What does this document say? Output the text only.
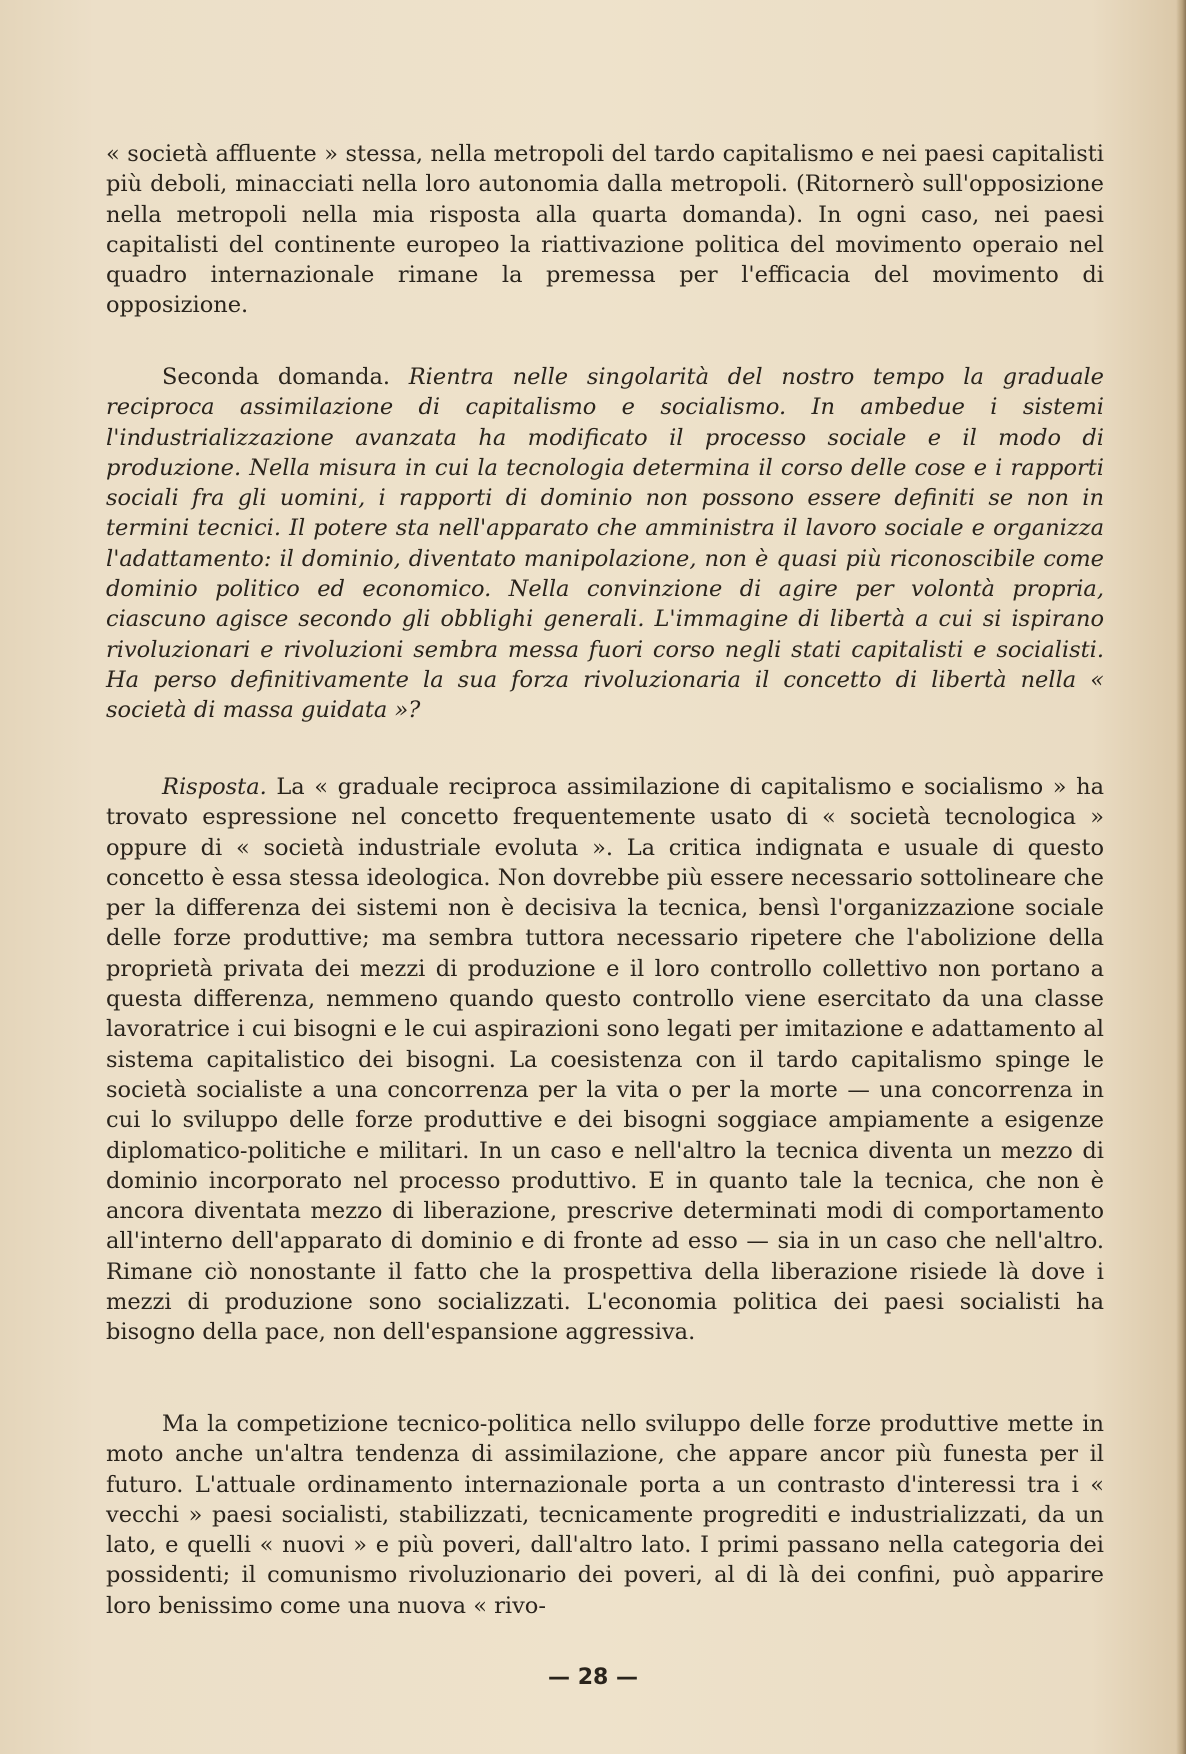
« società affluente » stessa, nella metropoli del tardo capitalismo e nei paesi capitalisti più deboli, minacciati nella loro autonomia dalla metropoli. (Ritornerò sull'opposizione nella metropoli nella mia risposta alla quarta domanda). In ogni caso, nei paesi capitalisti del continente europeo la riattivazione politica del movimento operaio nel quadro internazionale rimane la premessa per l'efficacia del movimento di opposizione.

Seconda domanda. Rientra nelle singolarità del nostro tempo la graduale reciproca assimilazione di capitalismo e socialismo. In ambedue i sistemi l'industrializzazione avanzata ha modificato il processo sociale e il modo di produzione. Nella misura in cui la tecnologia determina il corso delle cose e i rapporti sociali fra gli uomini, i rapporti di dominio non possono essere definiti se non in termini tecnici. Il potere sta nell'apparato che amministra il lavoro sociale e organizza l'adattamento: il dominio, diventato manipolazione, non è quasi più riconoscibile come dominio politico ed economico. Nella convinzione di agire per volontà propria, ciascuno agisce secondo gli obblighi generali. L'immagine di libertà a cui si ispirano rivoluzionari e rivoluzioni sembra messa fuori corso negli stati capitalisti e socialisti. Ha perso definitivamente la sua forza rivoluzionaria il concetto di libertà nella « società di massa guidata »?

Risposta. La « graduale reciproca assimilazione di capitalismo e socialismo » ha trovato espressione nel concetto frequentemente usato di « società tecnologica » oppure di « società industriale evoluta ». La critica indignata e usuale di questo concetto è essa stessa ideologica. Non dovrebbe più essere necessario sottolineare che per la differenza dei sistemi non è decisiva la tecnica, bensì l'organizzazione sociale delle forze produttive; ma sembra tuttora necessario ripetere che l'abolizione della proprietà privata dei mezzi di produzione e il loro controllo collettivo non portano a questa differenza, nemmeno quando questo controllo viene esercitato da una classe lavoratrice i cui bisogni e le cui aspirazioni sono legati per imitazione e adattamento al sistema capitalistico dei bisogni. La coesistenza con il tardo capitalismo spinge le società socialiste a una concorrenza per la vita o per la morte — una concorrenza in cui lo sviluppo delle forze produttive e dei bisogni soggiace ampiamente a esigenze diplomatico-politiche e militari. In un caso e nell'altro la tecnica diventa un mezzo di dominio incorporato nel processo produttivo. E in quanto tale la tecnica, che non è ancora diventata mezzo di liberazione, prescrive determinati modi di comportamento all'interno dell'apparato di dominio e di fronte ad esso — sia in un caso che nell'altro. Rimane ciò nonostante il fatto che la prospettiva della liberazione risiede là dove i mezzi di produzione sono socializzati. L'economia politica dei paesi socialisti ha bisogno della pace, non dell'espansione aggressiva.

Ma la competizione tecnico-politica nello sviluppo delle forze produttive mette in moto anche un'altra tendenza di assimilazione, che appare ancor più funesta per il futuro. L'attuale ordinamento internazionale porta a un contrasto d'interessi tra i « vecchi » paesi socialisti, stabilizzati, tecnicamente progrediti e industrializzati, da un lato, e quelli « nuovi » e più poveri, dall'altro lato. I primi passano nella categoria dei possidenti; il comunismo rivoluzionario dei poveri, al di là dei confini, può apparire loro benissimo come una nuova « rivo-

— 28 —
